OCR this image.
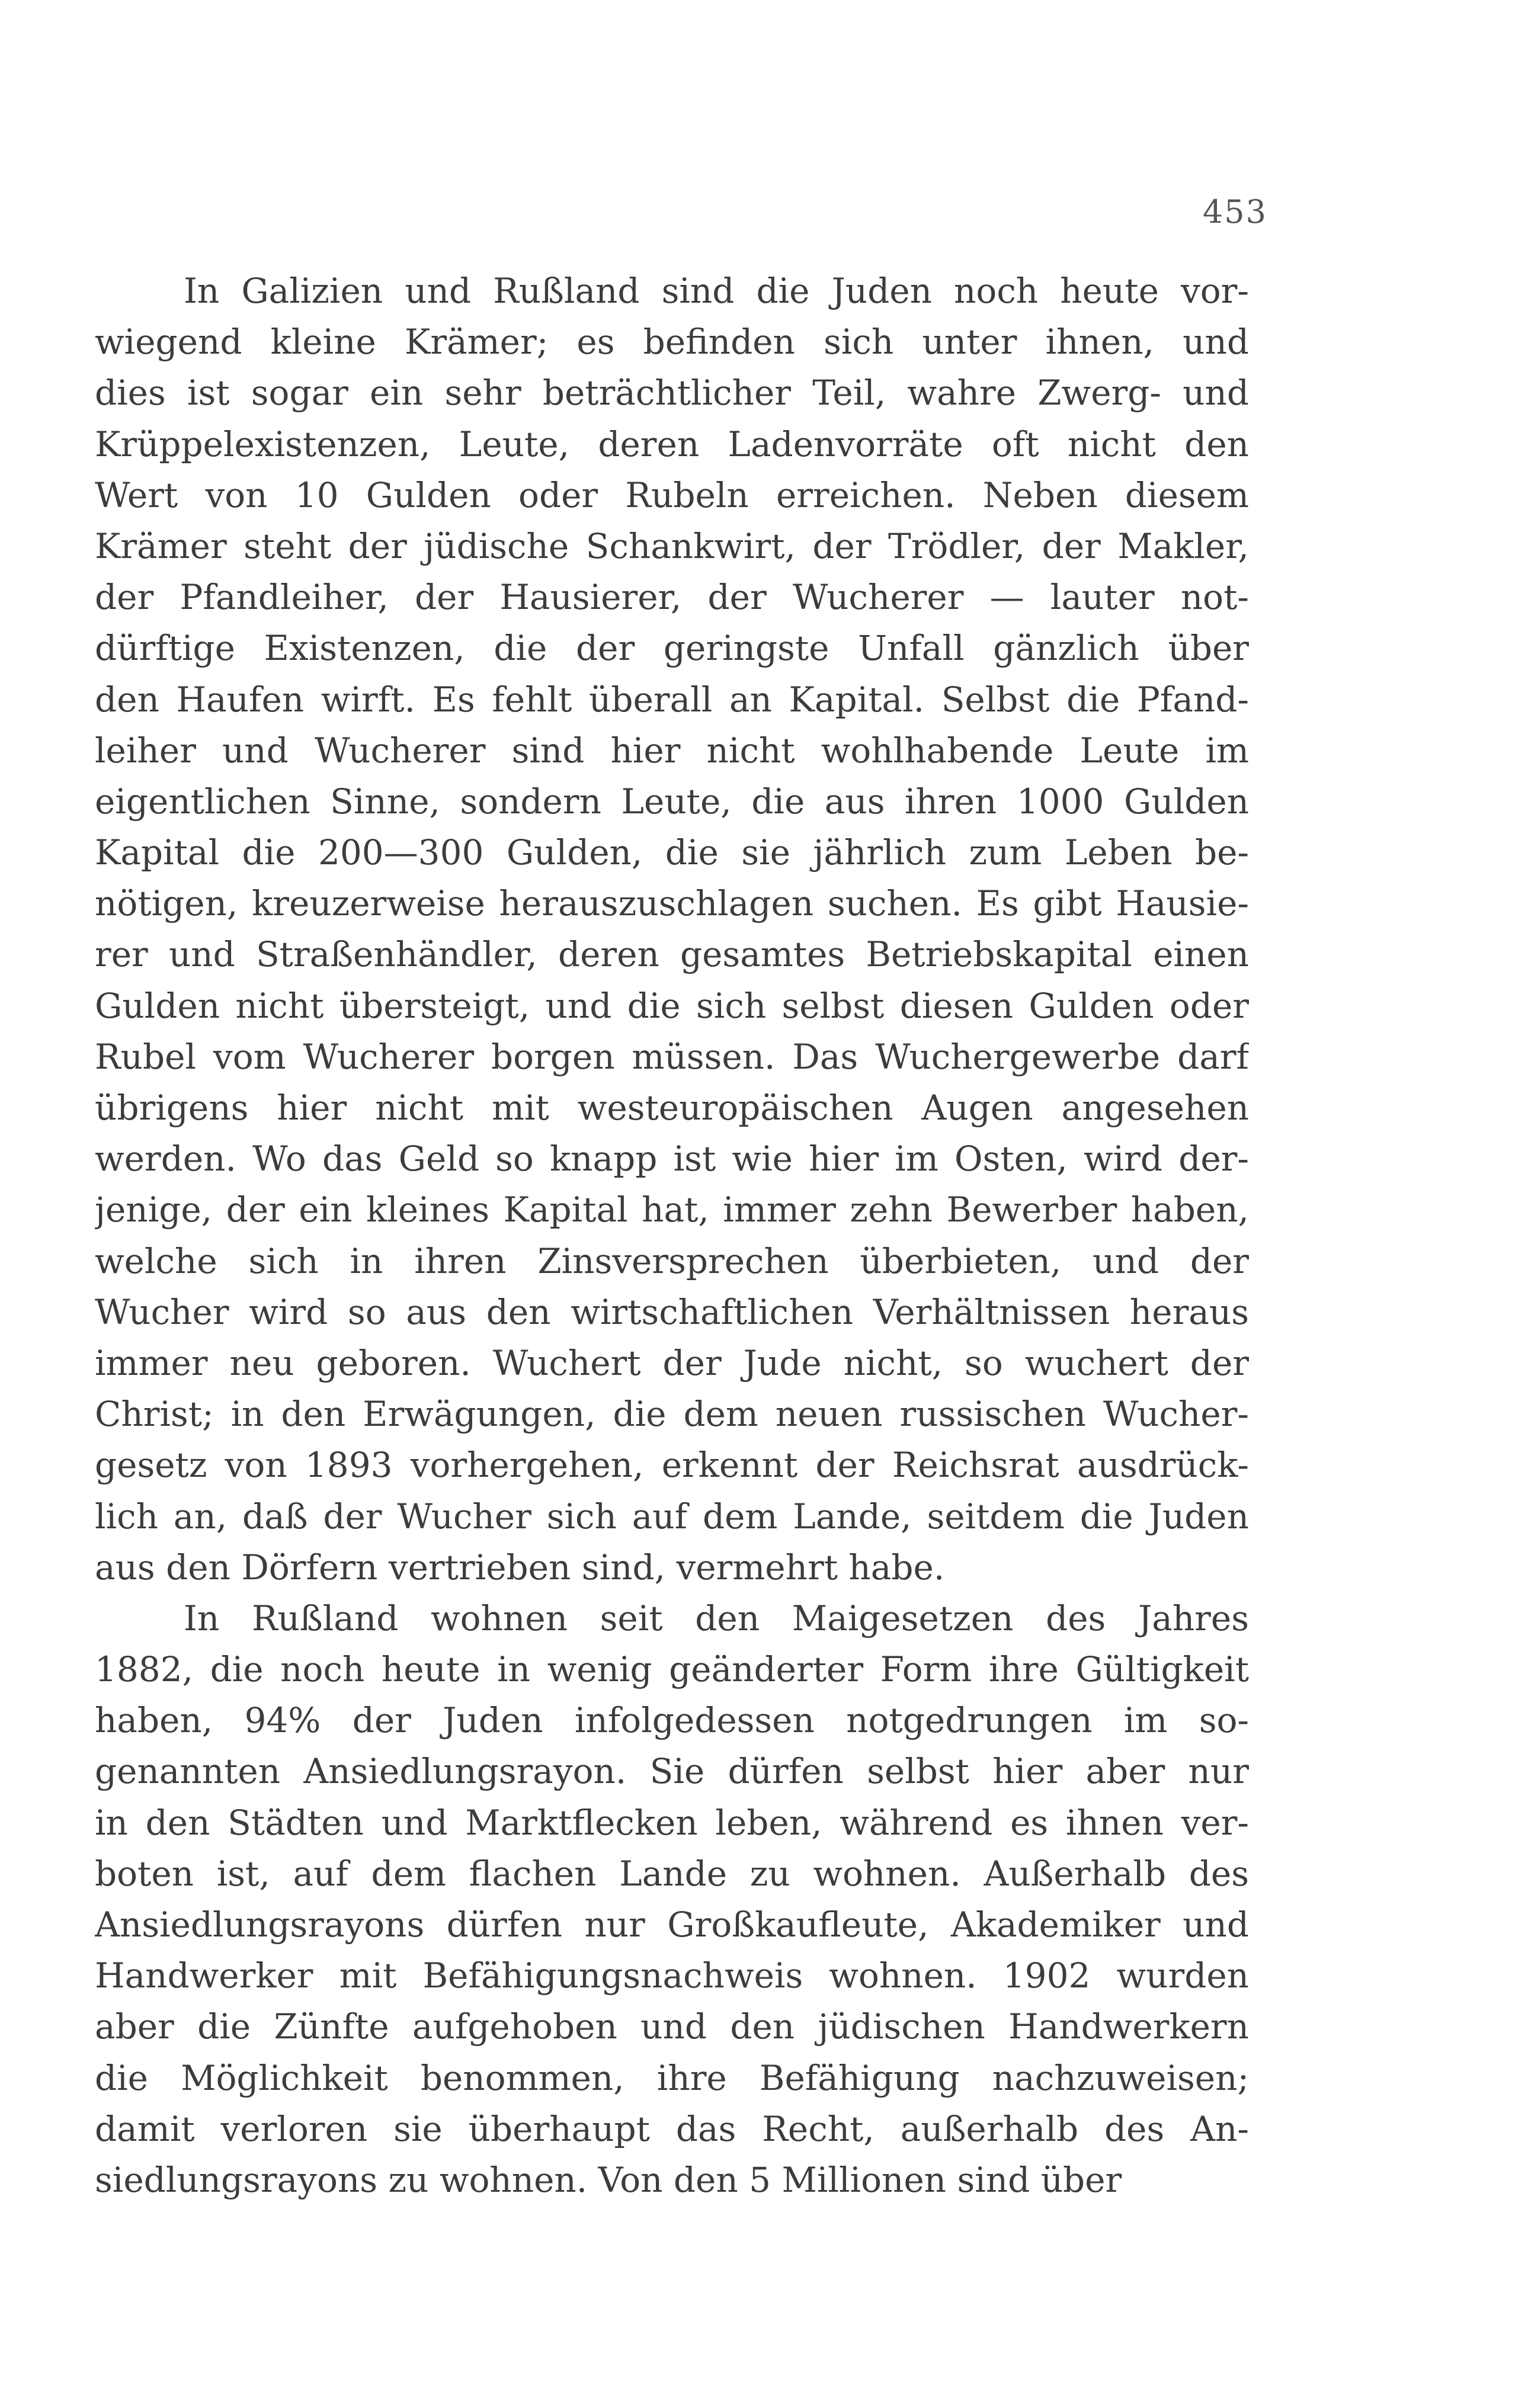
453
In Galizien und Rußland sind die Juden noch heute vor-
wiegend kleine Krämer; es befinden sich unter ihnen, und
dies ist sogar ein sehr beträchtlicher Teil, wahre Zwerg- und
Krüppelexistenzen, Leute, deren Ladenvorräte oft nicht den
Wert von 10 Gulden oder Rubeln erreichen. Neben diesem
Krämer steht der jüdische Schankwirt, der Trödler, der Makler,
der Pfandleiher, der Hausierer, der Wucherer — lauter not-
dürftige Existenzen, die der geringste Unfall gänzlich über
den Haufen wirft. Es fehlt überall an Kapital. Selbst die Pfand-
leiher und Wucherer sind hier nicht wohlhabende Leute im
eigentlichen Sinne, sondern Leute, die aus ihren 1000 Gulden
Kapital die 200—300 Gulden, die sie jährlich zum Leben be-
nötigen, kreuzerweise herauszuschlagen suchen. Es gibt Hausie-
rer und Straßenhändler, deren gesamtes Betriebskapital einen
Gulden nicht übersteigt, und die sich selbst diesen Gulden oder
Rubel vom Wucherer borgen müssen. Das Wuchergewerbe darf
übrigens hier nicht mit westeuropäischen Augen angesehen
werden. Wo das Geld so knapp ist wie hier im Osten, wird der-
jenige, der ein kleines Kapital hat, immer zehn Bewerber haben,
welche sich in ihren Zinsversprechen überbieten, und der
Wucher wird so aus den wirtschaftlichen Verhältnissen heraus
immer neu geboren. Wuchert der Jude nicht, so wuchert der
Christ; in den Erwägungen, die dem neuen russischen Wucher-
gesetz von 1893 vorhergehen, erkennt der Reichsrat ausdrück-
lich an, daß der Wucher sich auf dem Lande, seitdem die Juden
aus den Dörfern vertrieben sind, vermehrt habe.
In Rußland wohnen seit den Maigesetzen des Jahres
1882, die noch heute in wenig geänderter Form ihre Gültigkeit
haben, 94% der Juden infolgedessen notgedrungen im so-
genannten Ansiedlungsrayon. Sie dürfen selbst hier aber nur
in den Städten und Marktflecken leben, während es ihnen ver-
boten ist, auf dem flachen Lande zu wohnen. Außerhalb des
Ansiedlungsrayons dürfen nur Großkaufleute, Akademiker und
Handwerker mit Befähigungsnachweis wohnen. 1902 wurden
aber die Zünfte aufgehoben und den jüdischen Handwerkern
die Möglichkeit benommen, ihre Befähigung nachzuweisen;
damit verloren sie überhaupt das Recht, außerhalb des An-
siedlungsrayons zu wohnen. Von den 5 Millionen sind über
